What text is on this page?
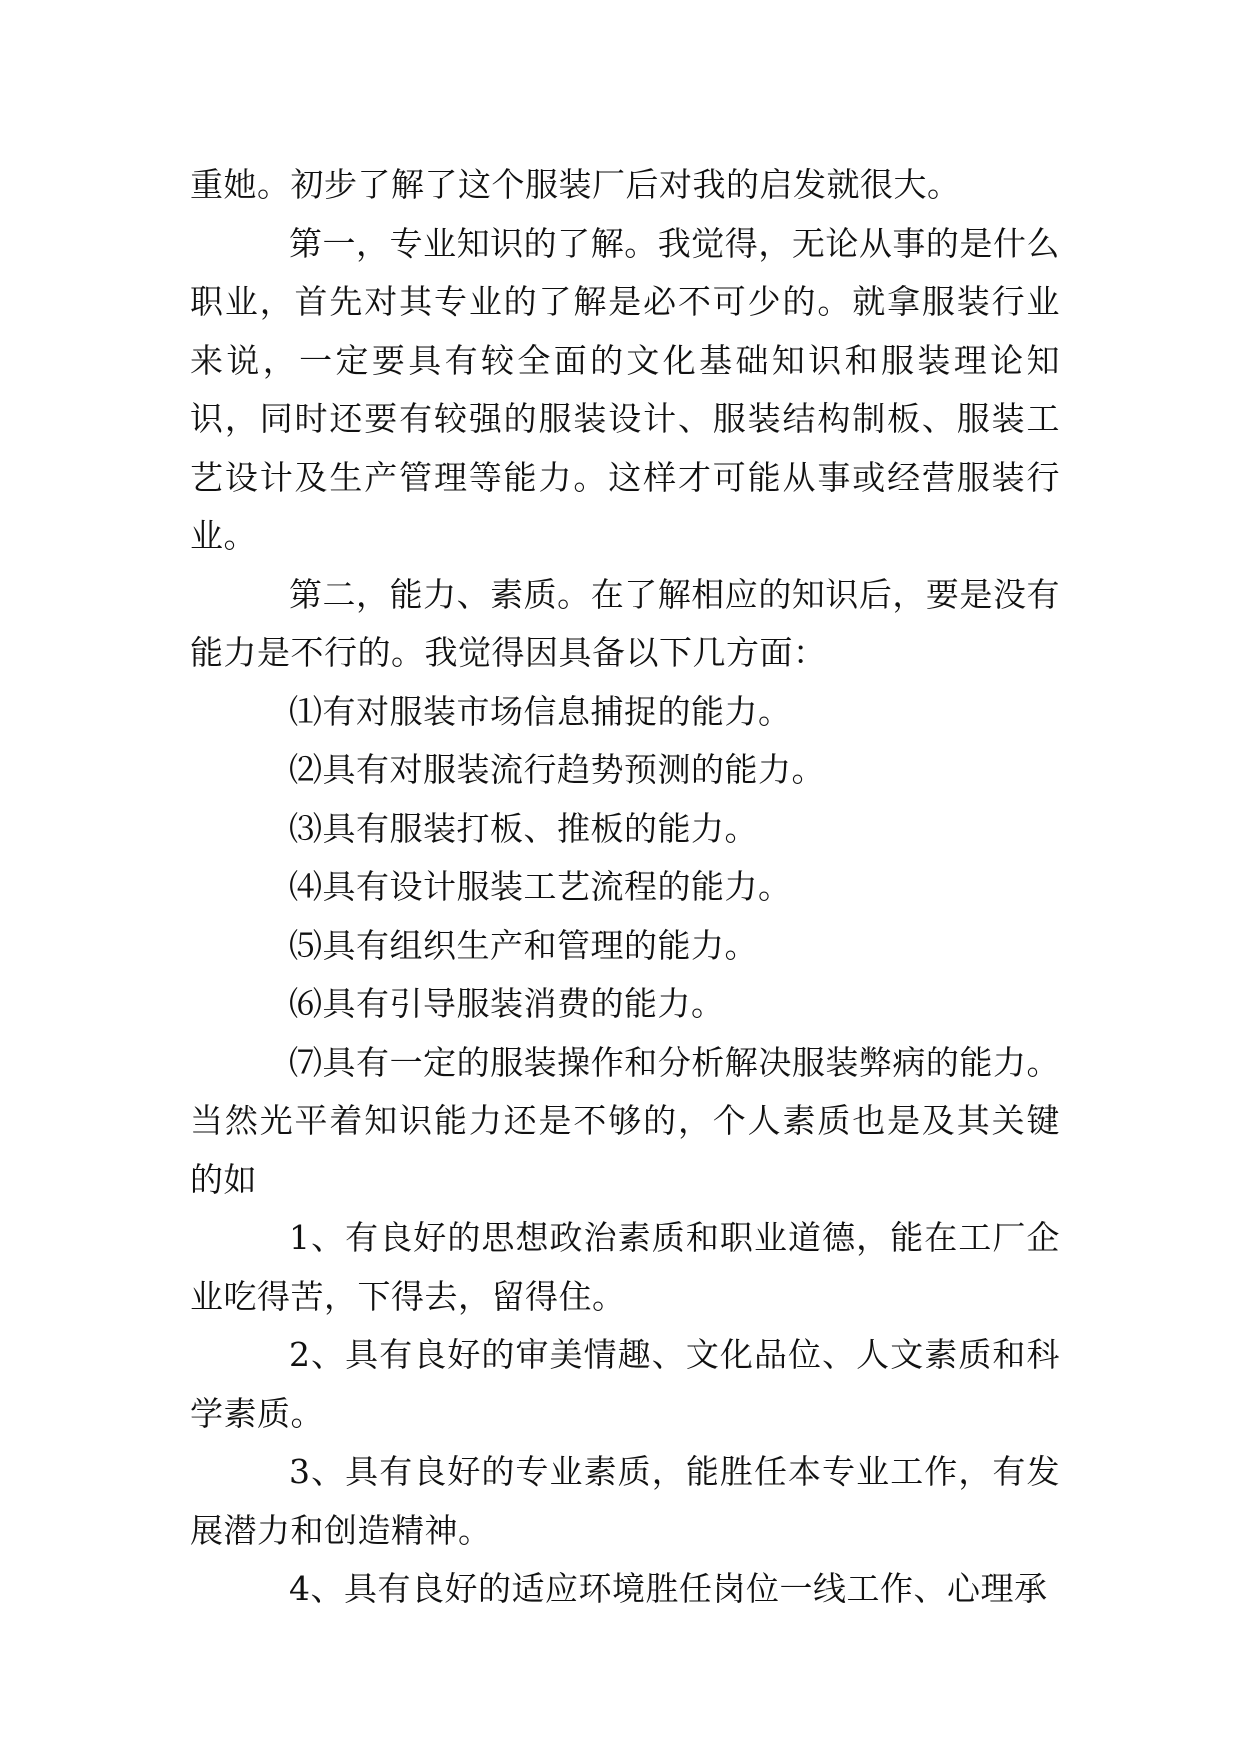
重她。初步了解了这个服装厂后对我的启发就很大。

第一，专业知识的了解。我觉得，无论从事的是什么职业，首先对其专业的了解是必不可少的。就拿服装行业来说，一定要具有较全面的文化基础知识和服装理论知识，同时还要有较强的服装设计、服装结构制板、服装工艺设计及生产管理等能力。这样才可能从事或经营服装行业。

第二，能力、素质。在了解相应的知识后，要是没有能力是不行的。我觉得因具备以下几方面：

⑴有对服装市场信息捕捉的能力。

⑵具有对服装流行趋势预测的能力。

⑶具有服装打板、推板的能力。

⑷具有设计服装工艺流程的能力。

⑸具有组织生产和管理的能力。

⑹具有引导服装消费的能力。

⑺具有一定的服装操作和分析解决服装弊病的能力。当然光平着知识能力还是不够的，个人素质也是及其关键的如

1、有良好的思想政治素质和职业道德，能在工厂企业吃得苦，下得去，留得住。

2、具有良好的审美情趣、文化品位、人文素质和科学素质。

3、具有良好的专业素质，能胜任本专业工作，有发展潜力和创造精神。

4、具有良好的适应环境胜任岗位一线工作、心理承
